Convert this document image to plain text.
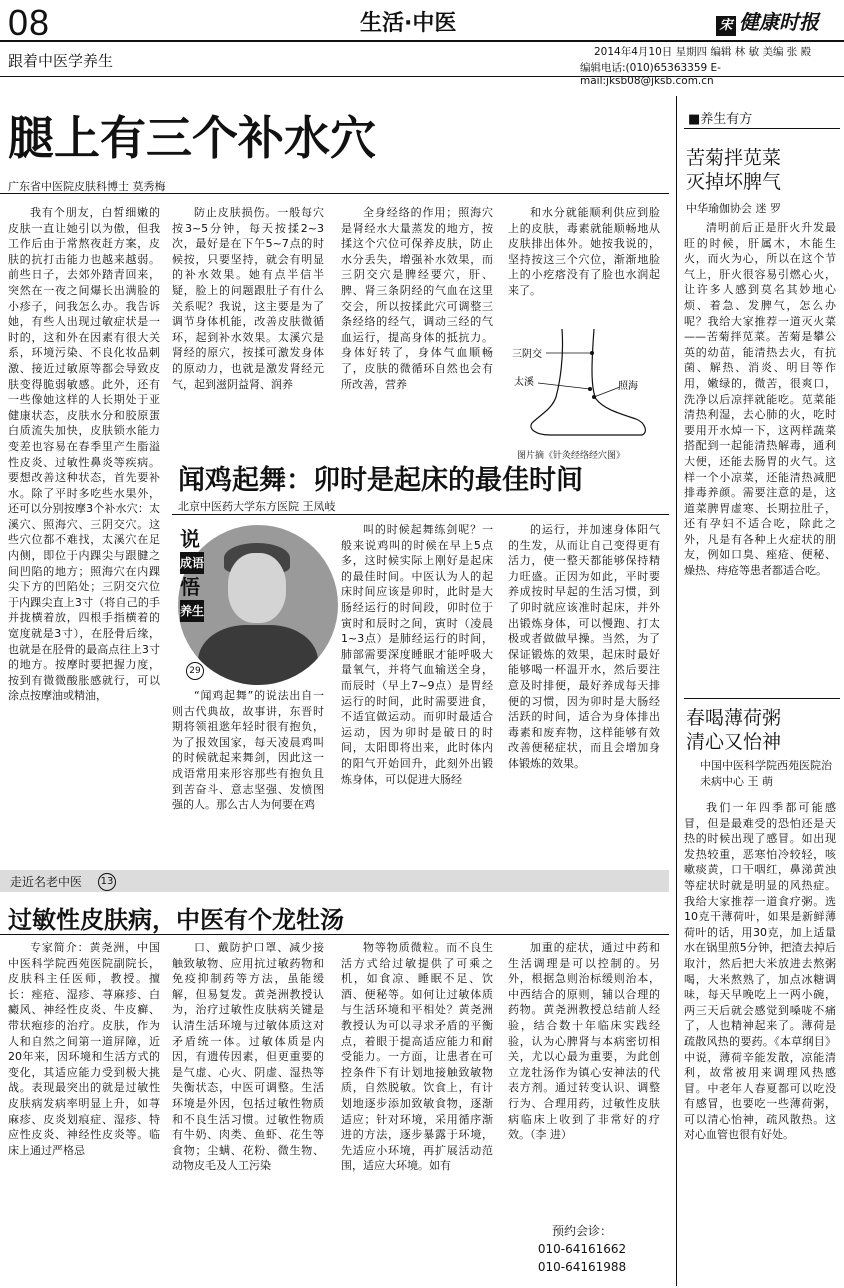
08	生活·中医	宋 健康时报
跟着中医学养生	2014年4月10日 星期四 编辑 林 敏 美编 张 殿
编辑电话:(010)65363359 E-mail:jksb08@jksb.com.cn
腿上有三个补水穴
广东省中医院皮肤科博士 莫秀梅

我有个朋友，白皙细嫩的皮肤一直让她引以为傲，但我工作后由于常熬夜赶方案，皮肤的抗打击能力也越来越弱。前些日子，去郊外踏青回来，突然在一夜之间爆长出满脸的小疹子，问我怎么办。我告诉她，有些人出现过敏症状是一时的，这和外在因素有很大关系，环境污染、不良化妆品刺激、接近过敏原等都会导致皮肤变得脆弱敏感。此外，还有一些像她这样的人长期处于亚健康状态，皮肤水分和胶原蛋白质流失加快，皮肤锁水能力变差也容易在春季里产生脂溢性皮炎、过敏性鼻炎等疾病。要想改善这种状态，首先要补水。除了平时多吃些水果外，还可以分别按摩3个补水穴：太溪穴、照海穴、三阴交穴。这些穴位都不难找，太溪穴在足内侧，即位于内踝尖与跟腱之间凹陷的地方；照海穴在内踝尖下方的凹陷处；三阴交穴位于内踝尖直上3寸（将自己的手并拢横着放，四根手指横着的宽度就是3寸），在胫骨后缘，也就是在胫骨的最高点往上3寸的地方。按摩时要把握力度，按到有微微酸胀感就行，可以涂点按摩油或精油，

防止皮肤损伤。一般每穴按3~5分钟，每天按揉2~3次，最好是在下午5~7点的时候按，只要坚持，就会有明显的补水效果。她有点半信半疑，脸上的问题跟肚子有什么关系呢？我说，这主要是为了调节身体机能，改善皮肤微循环，起到补水效果。太溪穴是肾经的原穴，按揉可激发身体的原动力，也就是激发肾经元气，起到滋阴益肾、润养

全身经络的作用；照海穴是肾经水大量蒸发的地方，按揉这个穴位可保养皮肤，防止水分丢失，增强补水效果，而三阴交穴是脾经要穴，肝、脾、肾三条阴经的气血在这里交会，所以按揉此穴可调整三条经络的经气，调动三经的气血运行，提高身体的抵抗力。身体好转了，身体气血顺畅了，皮肤的微循环自然也会有所改善，营养

和水分就能顺利供应到脸上的皮肤，毒素就能顺畅地从皮肤排出体外。她按我说的，坚持按这三个穴位，渐渐地脸上的小疙瘩没有了脸也水润起来了。

三阴交
太溪	照海
图片摘《针灸经络经穴图》
闻鸡起舞：卯时是起床的最佳时间
北京中医药大学东方医院 王凤岐
说
成语
悟
养生
29

“闻鸡起舞”的说法出自一则古代典故，故事讲，东晋时期将领祖逖年轻时很有抱负，为了报效国家，每天凌晨鸡叫的时候就起来舞剑，因此这一成语常用来形容那些有抱负且到苦奋斗、意志坚强、发愤图强的人。那么古人为何要在鸡

叫的时候起舞练剑呢？一般来说鸡叫的时候在早上5点多，这时候实际上刚好是起床的最佳时间。中医认为人的起床时间应该是卯时，此时是大肠经运行的时间段，卯时位于寅时和辰时之间，寅时（凌晨1~3点）是肺经运行的时间，肺部需要深度睡眠才能呼吸大量氧气，并将气血输送全身，而辰时（早上7~9点）是胃经运行的时间，此时需要进食，不适宜做运动。而卯时最适合运动，因为卯时是破日的时间，太阳即将出来，此时体内的阳气开始回升，此刻外出锻炼身体，可以促进大肠经

的运行，并加速身体阳气的生发，从而让自己变得更有活力，使一整天都能够保持精力旺盛。正因为如此，平时要养成按时早起的生活习惯，到了卯时就应该准时起床，并外出锻炼身体，可以慢跑、打太极或者做做早操。当然，为了保证锻炼的效果，起床时最好能够喝一杯温开水，然后要注意及时排便，最好养成每天排便的习惯，因为卯时是大肠经活跃的时间，适合为身体排出毒素和废弃物，这样能够有效改善便秘症状，而且会增加身体锻炼的效果。

■养生有方
苦菊拌苋菜
灭掉坏脾气
中华瑜伽协会 迷 罗

清明前后正是肝火升发最旺的时候，肝属木，木能生火，而火为心，所以在这个节气上，肝火很容易引燃心火，让许多人感到莫名其妙地心烦、着急、发脾气，怎么办呢？我给大家推荐一道灭火菜——苦菊拌苋菜。苦菊是攀公英的幼苗，能清热去火，有抗菌、解热、消炎、明目等作用，嫩绿的，微苦，很爽口，洗净以后凉拌就能吃。苋菜能清热利湿，去心肺的火，吃时要用开水焯一下，这两样蔬菜搭配到一起能清热解毒，通利大便，还能去肠胃的火气。这样一个小凉菜，还能清热减肥排毒养颜。需要注意的是，这道菜脾胃虚寒、长期拉肚子，还有孕妇不适合吃，除此之外，凡是有各种上火症状的朋友，例如口臭、痤疮、便秘、燥热、痔疮等患者都适合吃。

春喝薄荷粥
清心又怡神
中国中医科学院西苑医院治未病中心 王 萌

我们一年四季都可能感冒，但是最难受的恐怕还是天热的时候出现了感冒。如出现发热较重，恶寒怕冷较轻，咳嗽痰黄，口干咽红，鼻涕黄浊等症状时就是明显的风热症。我给大家推荐一道食疗粥。选10克干薄荷叶，如果是新鲜薄荷叶的话，用30克，加上适量水在锅里煎5分钟，把渣去掉后取汁，然后把大米放进去熬粥喝，大米熬熟了，加点冰糖调味，每天早晚吃上一两小碗，两三天后就会感觉到嗓咙不痛了，人也精神起来了。薄荷是疏散风热的要药。《本草纲目》中说，薄荷辛能发散，凉能清利，故常被用来调理风热感冒。中老年人春夏都可以吃没有感冒，也要吃一些薄荷粥，可以清心怡神，疏风散热。这对心血管也很有好处。

走近名老中医 13
过敏性皮肤病，中医有个龙牡汤

专家简介：黄尧洲，中国中医科学院西苑医院副院长，皮肤科主任医师，教授。擅长：痤疮、湿疹、荨麻疹、白癜风、神经性皮炎、牛皮癣、带状疱疹的治疗。皮肤，作为人和自然之间第一道屏障，近20年来，因环境和生活方式的变化，其适应能力受到极大挑战。表现最突出的就是过敏性皮肤病发病率明显上升，如荨麻疹、皮炎划痕症、湿疹、特应性皮炎、神经性皮炎等。临床上通过严格忌

口、戴防护口罩、减少接触致敏物、应用抗过敏药物和免疫抑制药等方法，虽能缓解，但易复发。黄尧洲教授认为，治疗过敏性皮肤病关键是认清生活环境与过敏体质这对矛盾统一体。过敏体质是内因，有遗传因素，但更重要的是气虚、心火、阴虚、湿热等失衡状态，中医可调整。生活环境是外因，包括过敏性物质和不良生活习惯。过敏性物质有牛奶、肉类、鱼虾、花生等食物；尘螨、花粉、微生物、动物皮毛及人工污染

物等物质微粒。而不良生活方式给过敏提供了可乘之机，如食凉、睡眠不足、饮酒、便秘等。如何让过敏体质与生活环境和平相处？黄尧洲教授认为可以寻求矛盾的平衡点，着眼于提高适应能力和耐受能力。一方面，让患者在可控条件下有计划地接触致敏物质，自然脱敏。饮食上，有计划地逐步添加致敏食物，逐渐适应；针对环境，采用循序渐进的方法，逐步暴露于环境，先适应小环境，再扩展活动范围，适应大环境。如有

加重的症状，通过中药和生活调理是可以控制的。另外，根据急则治标缓则治本，中西结合的原则，辅以合理的药物。黄尧洲教授总结前人经验，结合数十年临床实践经验，认为心脾肾与本病密切相关，尤以心最为重要，为此创立龙牡汤作为镇心安神法的代表方剂。通过转变认识、调整行为、合理用药，过敏性皮肤病临床上收到了非常好的疗效。（李 进）

预约会诊：
010-64161662
010-64161988
